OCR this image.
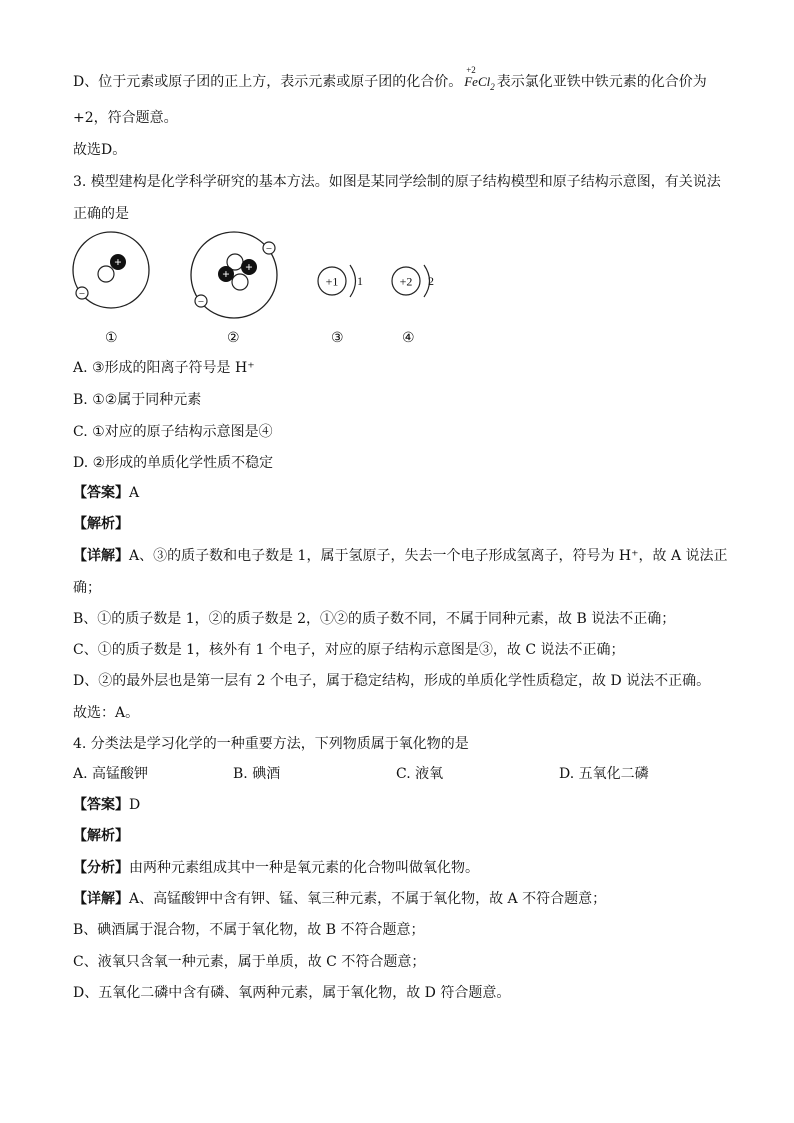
D、位于元素或原子团的正上方，表示元素或原子团的化合价。
+2
FeCl$_2$ 表示氯化亚铁中铁元素的化合价为
+2，符合题意。
故选D。
3. 模型建构是化学科学研究的基本方法。如图是某同学绘制的原子结构模型和原子结构示意图，有关说法
正确的是
+
−
+ +
−
−
+1 1	+2 2
①	②	③	④
A. ③形成的阳离子符号是 H⁺
B. ①②属于同种元素
C. ①对应的原子结构示意图是④
D. ②形成的单质化学性质不稳定
【答案】A
【解析】
【详解】A、③的质子数和电子数是 1，属于氢原子，失去一个电子形成氢离子，符号为 H⁺，故 A 说法正
确；
B、①的质子数是 1，②的质子数是 2，①②的质子数不同，不属于同种元素，故 B 说法不正确；
C、①的质子数是 1，核外有 1 个电子，对应的原子结构示意图是③，故 C 说法不正确；
D、②的最外层也是第一层有 2 个电子，属于稳定结构，形成的单质化学性质稳定，故 D 说法不正确。
故选：A。
4. 分类法是学习化学的一种重要方法，下列物质属于氧化物的是
A. 高锰酸钾	B. 碘酒	C. 液氧	D. 五氧化二磷
【答案】D
【解析】
【分析】由两种元素组成其中一种是氧元素的化合物叫做氧化物。
【详解】A、高锰酸钾中含有钾、锰、氧三种元素，不属于氧化物，故 A 不符合题意；
B、碘酒属于混合物，不属于氧化物，故 B 不符合题意；
C、液氧只含氧一种元素，属于单质，故 C 不符合题意；
D、五氧化二磷中含有磷、氧两种元素，属于氧化物，故 D 符合题意。
